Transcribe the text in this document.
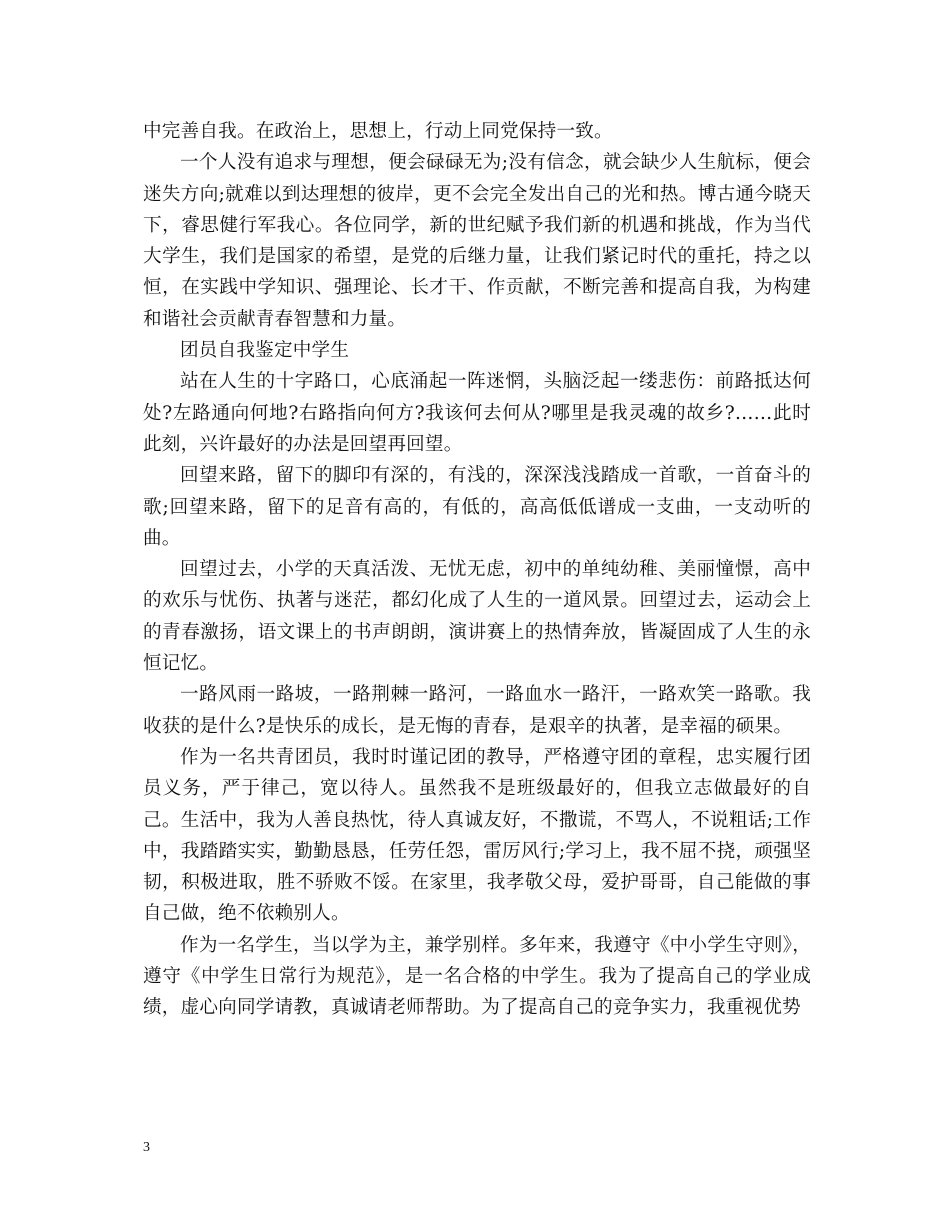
中完善自我。在政治上，思想上，行动上同党保持一致。

一个人没有追求与理想，便会碌碌无为;没有信念，就会缺少人生航标，便会迷失方向;就难以到达理想的彼岸，更不会完全发出自己的光和热。博古通今晓天下，睿思健行军我心。各位同学，新的世纪赋予我们新的机遇和挑战，作为当代大学生，我们是国家的希望，是党的后继力量，让我们紧记时代的重托，持之以恒，在实践中学知识、强理论、长才干、作贡献，不断完善和提高自我，为构建和谐社会贡献青春智慧和力量。

团员自我鉴定中学生

站在人生的十字路口，心底涌起一阵迷惘，头脑泛起一缕悲伤：前路抵达何处?左路通向何地?右路指向何方?我该何去何从?哪里是我灵魂的故乡?……此时此刻，兴许最好的办法是回望再回望。

回望来路，留下的脚印有深的，有浅的，深深浅浅踏成一首歌，一首奋斗的歌;回望来路，留下的足音有高的，有低的，高高低低谱成一支曲，一支动听的曲。

回望过去，小学的天真活泼、无忧无虑，初中的单纯幼稚、美丽憧憬，高中的欢乐与忧伤、执著与迷茫，都幻化成了人生的一道风景。回望过去，运动会上的青春激扬，语文课上的书声朗朗，演讲赛上的热情奔放，皆凝固成了人生的永恒记忆。

一路风雨一路坡，一路荆棘一路河，一路血水一路汗，一路欢笑一路歌。我收获的是什么?是快乐的成长，是无悔的青春，是艰辛的执著，是幸福的硕果。

作为一名共青团员，我时时谨记团的教导，严格遵守团的章程，忠实履行团员义务，严于律己，宽以待人。虽然我不是班级最好的，但我立志做最好的自己。生活中，我为人善良热忱，待人真诚友好，不撒谎，不骂人，不说粗话;工作中，我踏踏实实，勤勤恳恳，任劳任怨，雷厉风行;学习上，我不屈不挠，顽强坚韧，积极进取，胜不骄败不馁。在家里，我孝敬父母，爱护哥哥，自己能做的事自己做，绝不依赖别人。

作为一名学生，当以学为主，兼学别样。多年来，我遵守《中小学生守则》，遵守《中学生日常行为规范》，是一名合格的中学生。我为了提高自己的学业成绩，虚心向同学请教，真诚请老师帮助。为了提高自己的竞争实力，我重视优势

3
